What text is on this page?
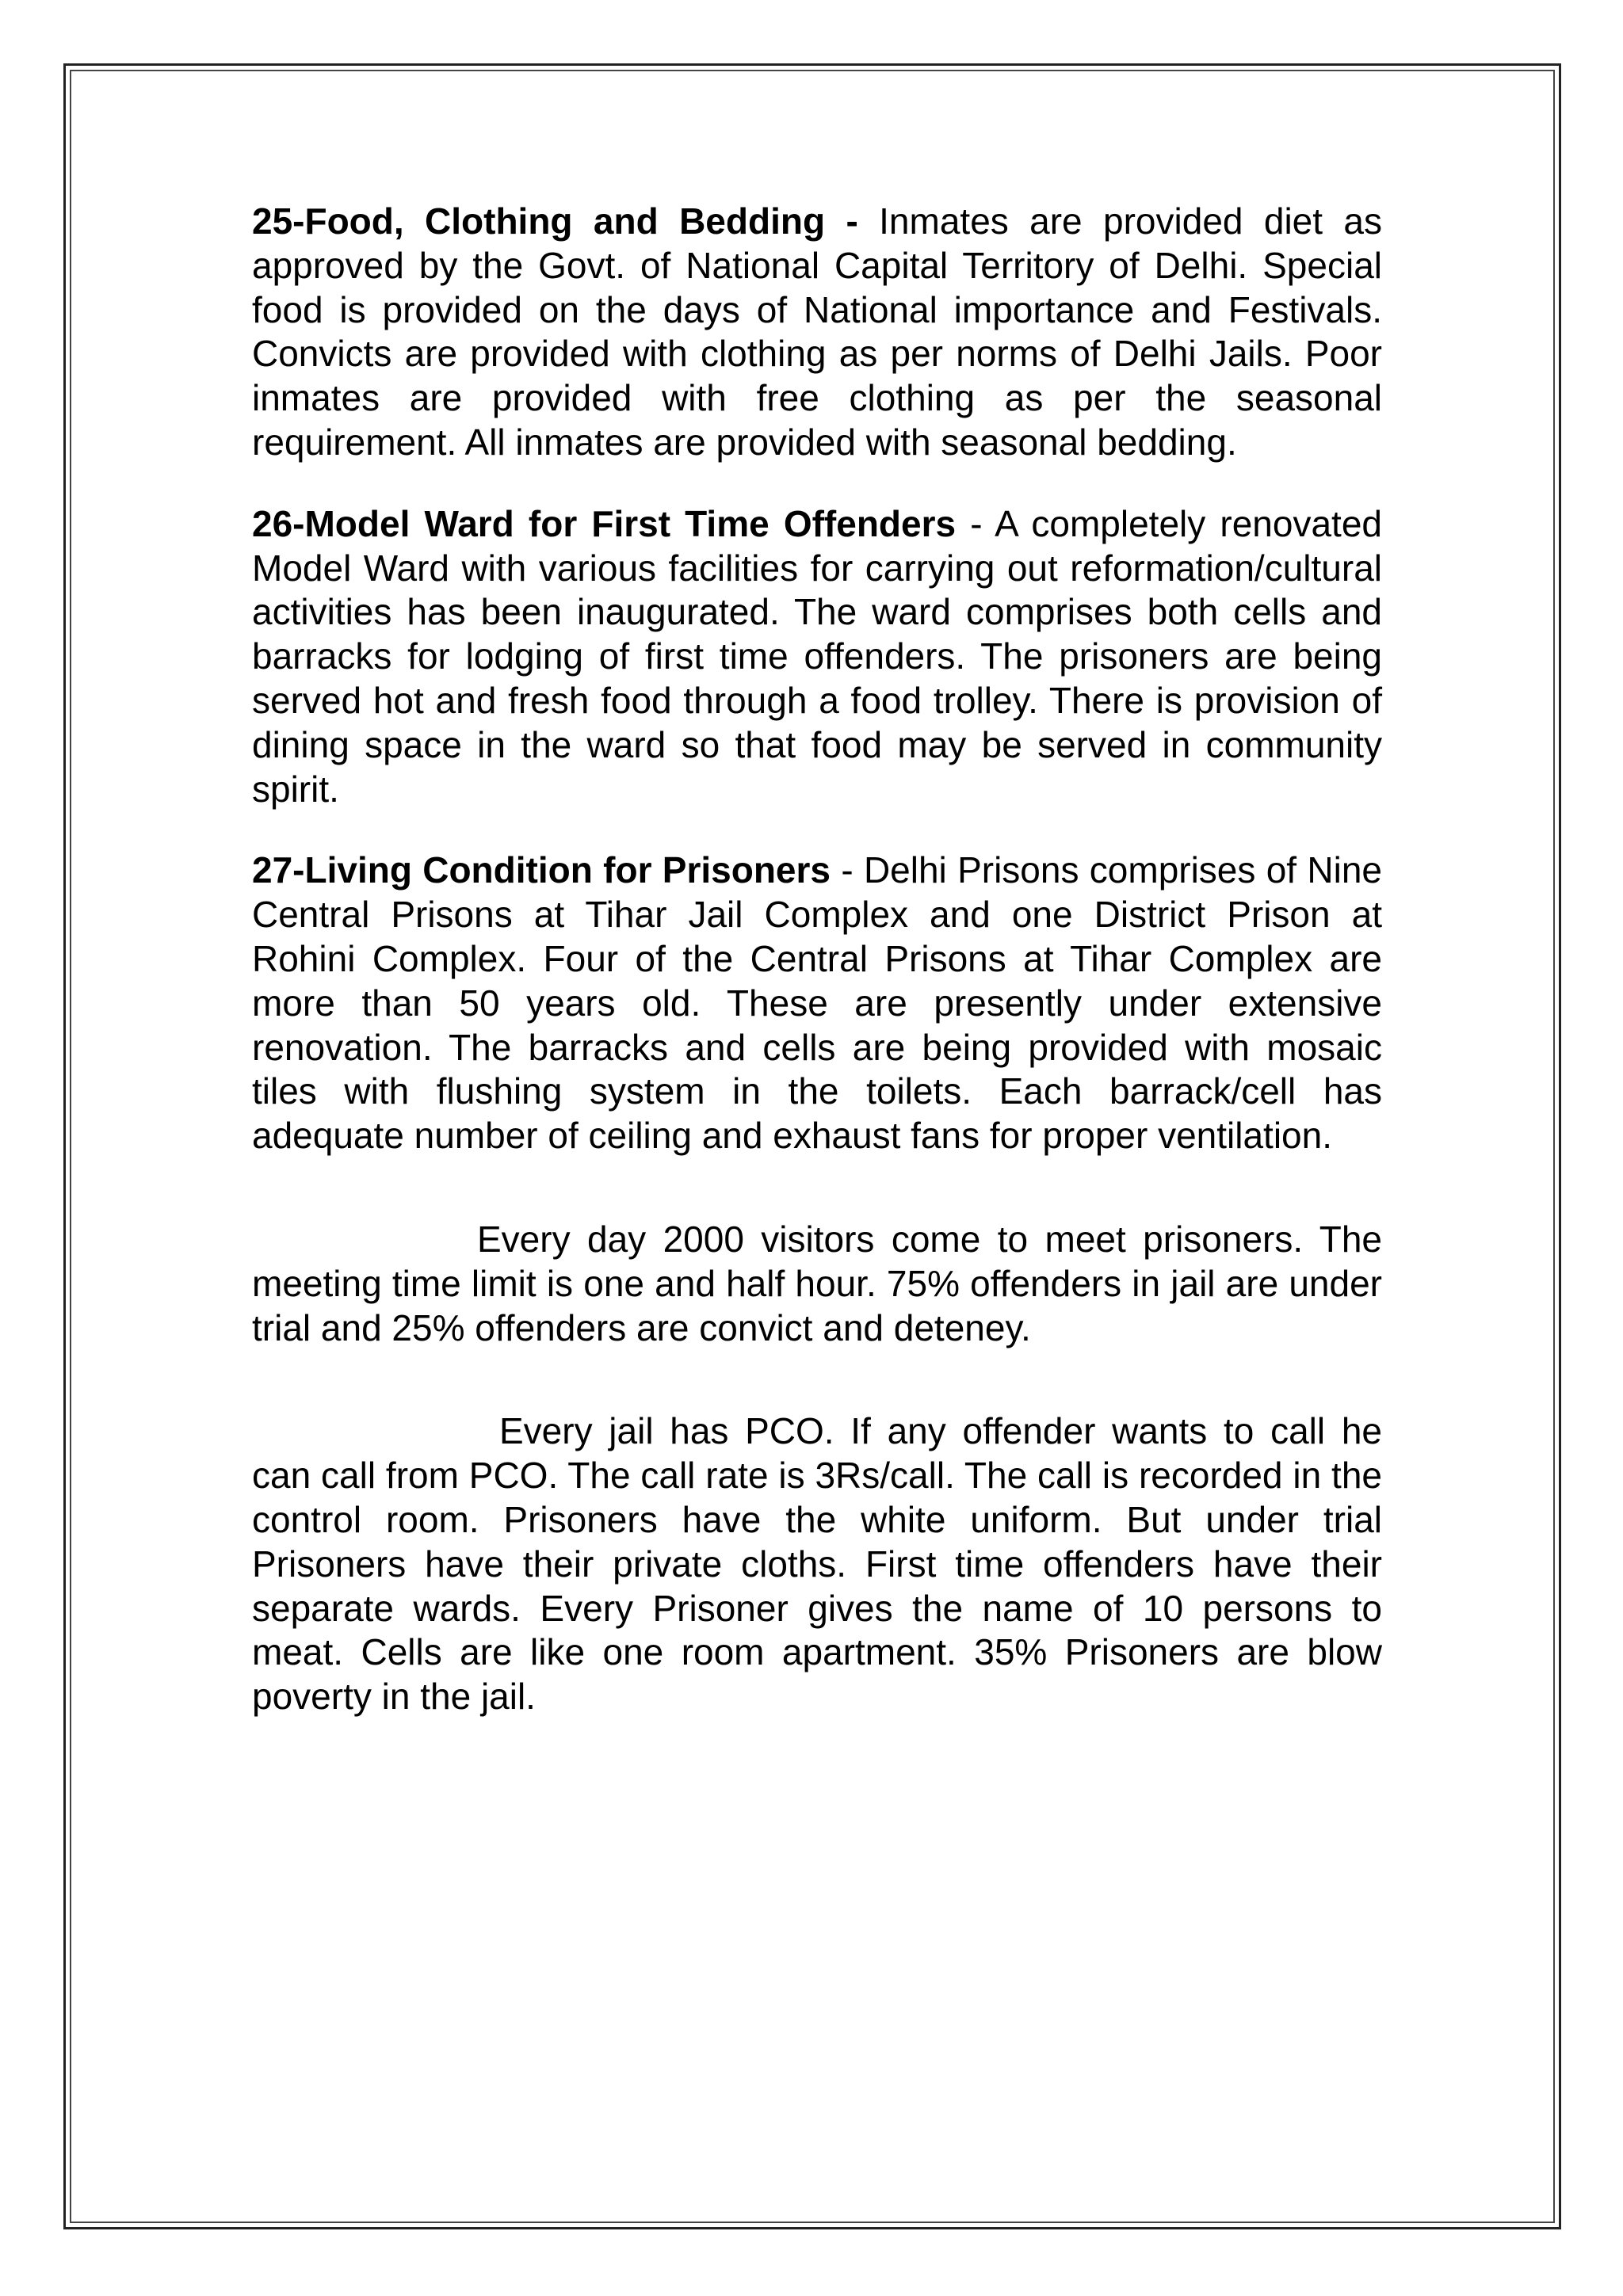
25-Food, Clothing and Bedding - Inmates are provided diet as approved by the Govt. of National Capital Territory of Delhi. Special food is provided on the days of National importance and Festivals. Convicts are provided with clothing as per norms of Delhi Jails. Poor inmates are provided with free clothing as per the seasonal requirement. All inmates are provided with seasonal bedding.

26-Model Ward for First Time Offenders - A completely renovated Model Ward with various facilities for carrying out reformation/cultural activities has been inaugurated. The ward comprises both cells and barracks for lodging of first time offenders. The prisoners are being served hot and fresh food through a food trolley. There is provision of dining space in the ward so that food may be served in community spirit.

27-Living Condition for Prisoners - Delhi Prisons comprises of Nine Central Prisons at Tihar Jail Complex and one District Prison at Rohini Complex. Four of the Central Prisons at Tihar Complex are more than 50 years old. These are presently under extensive renovation. The barracks and cells are being provided with mosaic tiles with flushing system in the toilets. Each barrack/cell has adequate number of ceiling and exhaust fans for proper ventilation.

Every day 2000 visitors come to meet prisoners. The meeting time limit is one and half hour. 75% offenders in jail are under trial and 25% offenders are convict and deteney.

Every jail has PCO. If any offender wants to call he can call from PCO. The call rate is 3Rs/call. The call is recorded in the control room. Prisoners have the white uniform. But under trial Prisoners have their private cloths. First time offenders have their separate wards. Every Prisoner gives the name of 10 persons to meat. Cells are like one room apartment. 35% Prisoners are blow poverty in the jail.
